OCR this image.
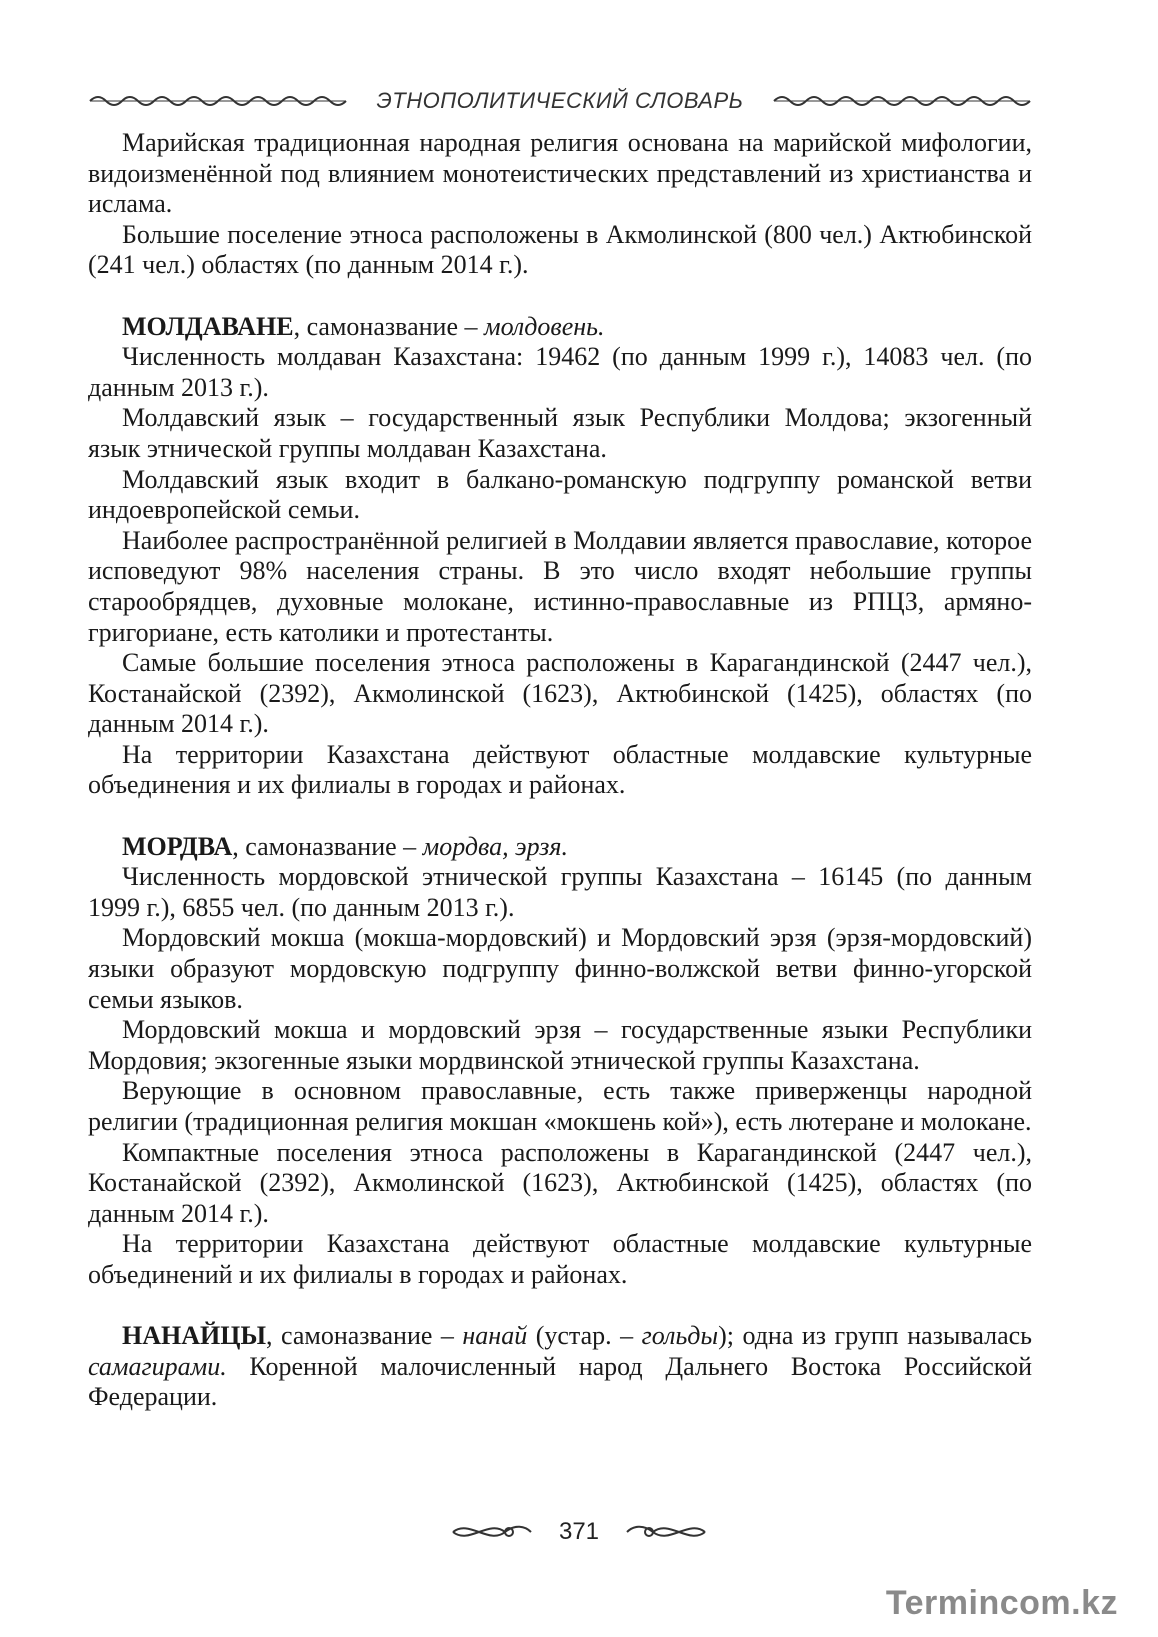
ЭТНОПОЛИТИЧЕСКИЙ СЛОВАРЬ

Марийская традиционная народная религия основана на марийской мифологии, видоизменённой под влиянием монотеистических представлений из христианства и ислама.

Большие поселение этноса расположены в Акмолинской (800 чел.) Актюбинской (241 чел.) областях (по данным 2014 г.).

МОЛДАВАНЕ, самоназвание – молдовень.

Численность молдаван Казахстана: 19462 (по данным 1999 г.), 14083 чел. (по данным 2013 г.).

Молдавский язык – государственный язык Республики Молдова; экзогенный язык этнической группы молдаван Казахстана.

Молдавский язык входит в балкано-романскую подгруппу романской ветви индоевропейской семьи.

Наиболее распространённой религией в Молдавии является православие, которое исповедуют 98% населения страны. В это число входят небольшие группы старообрядцев, духовные молокане, истинно-православные из РПЦЗ, армяно-григориане, есть католики и протестанты.

Самые большие поселения этноса расположены в Карагандинской (2447 чел.), Костанайской (2392), Акмолинской (1623), Актюбинской (1425), областях (по данным 2014 г.).

На территории Казахстана действуют областные молдавские культурные объединения и их филиалы в городах и районах.

МОРДВА, самоназвание – мордва, эрзя.

Численность мордовской этнической группы Казахстана – 16145 (по данным 1999 г.), 6855 чел. (по данным 2013 г.).

Мордовский мокша (мокша-мордовский) и Мордовский эрзя (эрзя-мордовский) языки образуют мордовскую подгруппу финно-волжской ветви финно-угорской семьи языков.

Мордовский мокша и мордовский эрзя – государственные языки Республики Мордовия; экзогенные языки мордвинской этнической группы Казахстана.

Верующие в основном православные, есть также приверженцы народной религии (традиционная религия мокшан «мокшень кой»), есть лютеране и молокане.

Компактные поселения этноса расположены в Карагандинской (2447 чел.), Костанайской (2392), Акмолинской (1623), Актюбинской (1425), областях (по данным 2014 г.).

На территории Казахстана действуют областные молдавские культурные объединений и их филиалы в городах и районах.

НАНАЙЦЫ, самоназвание – нанай (устар. – гольды); одна из групп называлась самагирами. Коренной малочисленный народ Дальнего Востока Российской Федерации.

371
Termincom.kz
